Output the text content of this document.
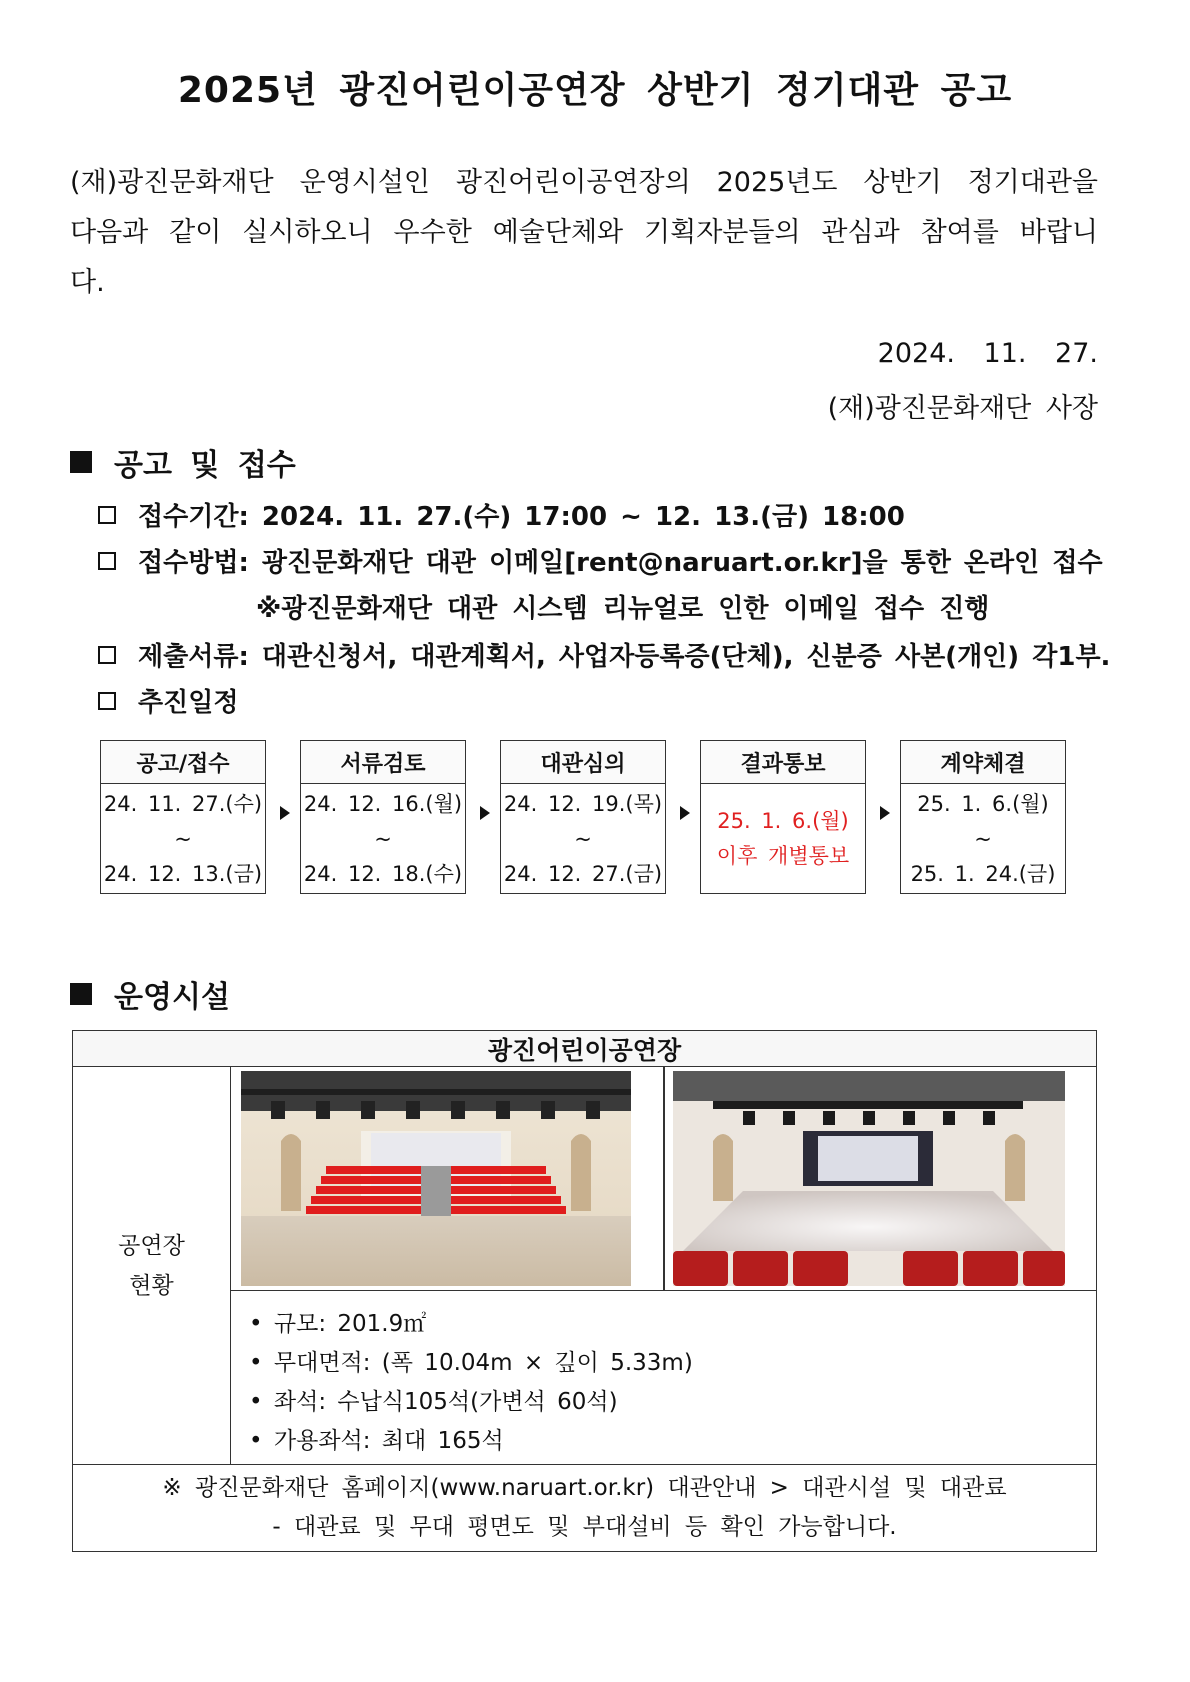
2025년 광진어린이공연장 상반기 정기대관 공고
(재)광진문화재단 운영시설인 광진어린이공연장의 2025년도 상반기 정기대관을 다음과 같이 실시하오니 우수한 예술단체와 기획자분들의 관심과 참여를 바랍니다.
2024. 11. 27.
(재)광진문화재단 사장
공고 및 접수
접수기간: 2024. 11. 27.(수) 17:00 ~ 12. 13.(금) 18:00
접수방법: 광진문화재단 대관 이메일[rent@naruart.or.kr]을 통한 온라인 접수
※광진문화재단 대관 시스템 리뉴얼로 인한 이메일 접수 진행
제출서류: 대관신청서, 대관계획서, 사업자등록증(단체), 신분증 사본(개인) 각1부.
추진일정
공고/접수
24. 11. 27.(수)
~
24. 12. 13.(금)
서류검토
24. 12. 16.(월)
~
24. 12. 18.(수)
대관심의
24. 12. 19.(목)
~
24. 12. 27.(금)
결과통보
25. 1. 6.(월)
이후 개별통보
계약체결
25. 1. 6.(월)
~
25. 1. 24.(금)
운영시설
광진어린이공연장
공연장
현황
• 규모: 201.9㎡
• 무대면적: (폭 10.04m × 깊이 5.33m)
• 좌석: 수납식105석(가변석 60석)
• 가용좌석: 최대 165석
※ 광진문화재단 홈페이지(www.naruart.or.kr) 대관안내 > 대관시설 및 대관료
- 대관료 및 무대 평면도 및 부대설비 등 확인 가능합니다.
